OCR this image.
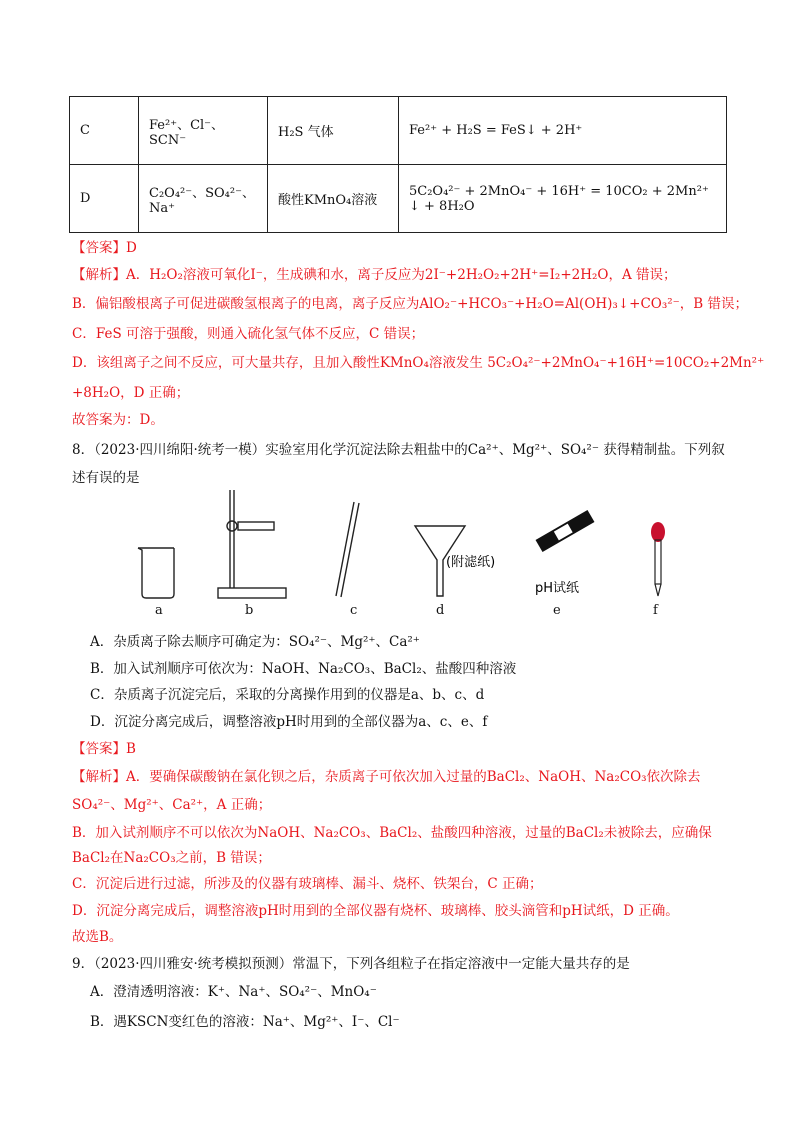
C	Fe²⁺、Cl⁻、SCN⁻	H₂S 气体	Fe²⁺ + H₂S = FeS↓ + 2H⁺
D	C₂O₄²⁻、SO₄²⁻、Na⁺	酸性KMnO₄溶液	5C₂O₄²⁻ + 2MnO₄⁻ + 16H⁺ = 10CO₂ + 2Mn²⁺ ↓ + 8H₂O
【答案】D
【解析】A．H₂O₂溶液可氧化I⁻，生成碘和水，离子反应为2I⁻+2H₂O₂+2H⁺=I₂+2H₂O，A 错误；
B．偏铝酸根离子可促进碳酸氢根离子的电离，离子反应为AlO₂⁻+HCO₃⁻+H₂O=Al(OH)₃↓+CO₃²⁻，B 错误；
C．FeS 可溶于强酸，则通入硫化氢气体不反应，C 错误；
D．该组离子之间不反应，可大量共存，且加入酸性KMnO₄溶液发生 5C₂O₄²⁻+2MnO₄⁻+16H⁺=10CO₂+2Mn²⁺
+8H₂O，D 正确；
故答案为：D。
8．（2023·四川绵阳·统考一模）实验室用化学沉淀法除去粗盐中的Ca²⁺、Mg²⁺、SO₄²⁻ 获得精制盐。下列叙
述有误的是
(附滤纸)
pH试纸
a	b	c	d	e	f
A．杂质离子除去顺序可确定为：SO₄²⁻、Mg²⁺、Ca²⁺
B．加入试剂顺序可依次为：NaOH、Na₂CO₃、BaCl₂、盐酸四种溶液
C．杂质离子沉淀完后，采取的分离操作用到的仪器是a、b、c、d
D．沉淀分离完成后，调整溶液pH时用到的全部仪器为a、c、e、f
【答案】B
【解析】A．要确保碳酸钠在氯化钡之后，杂质离子可依次加入过量的BaCl₂、NaOH、Na₂CO₃依次除去
SO₄²⁻、Mg²⁺、Ca²⁺，A 正确；
B．加入试剂顺序不可以依次为NaOH、Na₂CO₃、BaCl₂、盐酸四种溶液，过量的BaCl₂未被除去，应确保
BaCl₂在Na₂CO₃之前，B 错误；
C．沉淀后进行过滤，所涉及的仪器有玻璃棒、漏斗、烧杯、铁架台，C 正确；
D．沉淀分离完成后，调整溶液pH时用到的全部仪器有烧杯、玻璃棒、胶头滴管和pH试纸，D 正确。
故选B。
9．（2023·四川雅安·统考模拟预测）常温下，下列各组粒子在指定溶液中一定能大量共存的是
A．澄清透明溶液：K⁺、Na⁺、SO₄²⁻、MnO₄⁻
B．遇KSCN变红色的溶液：Na⁺、Mg²⁺、I⁻、Cl⁻
